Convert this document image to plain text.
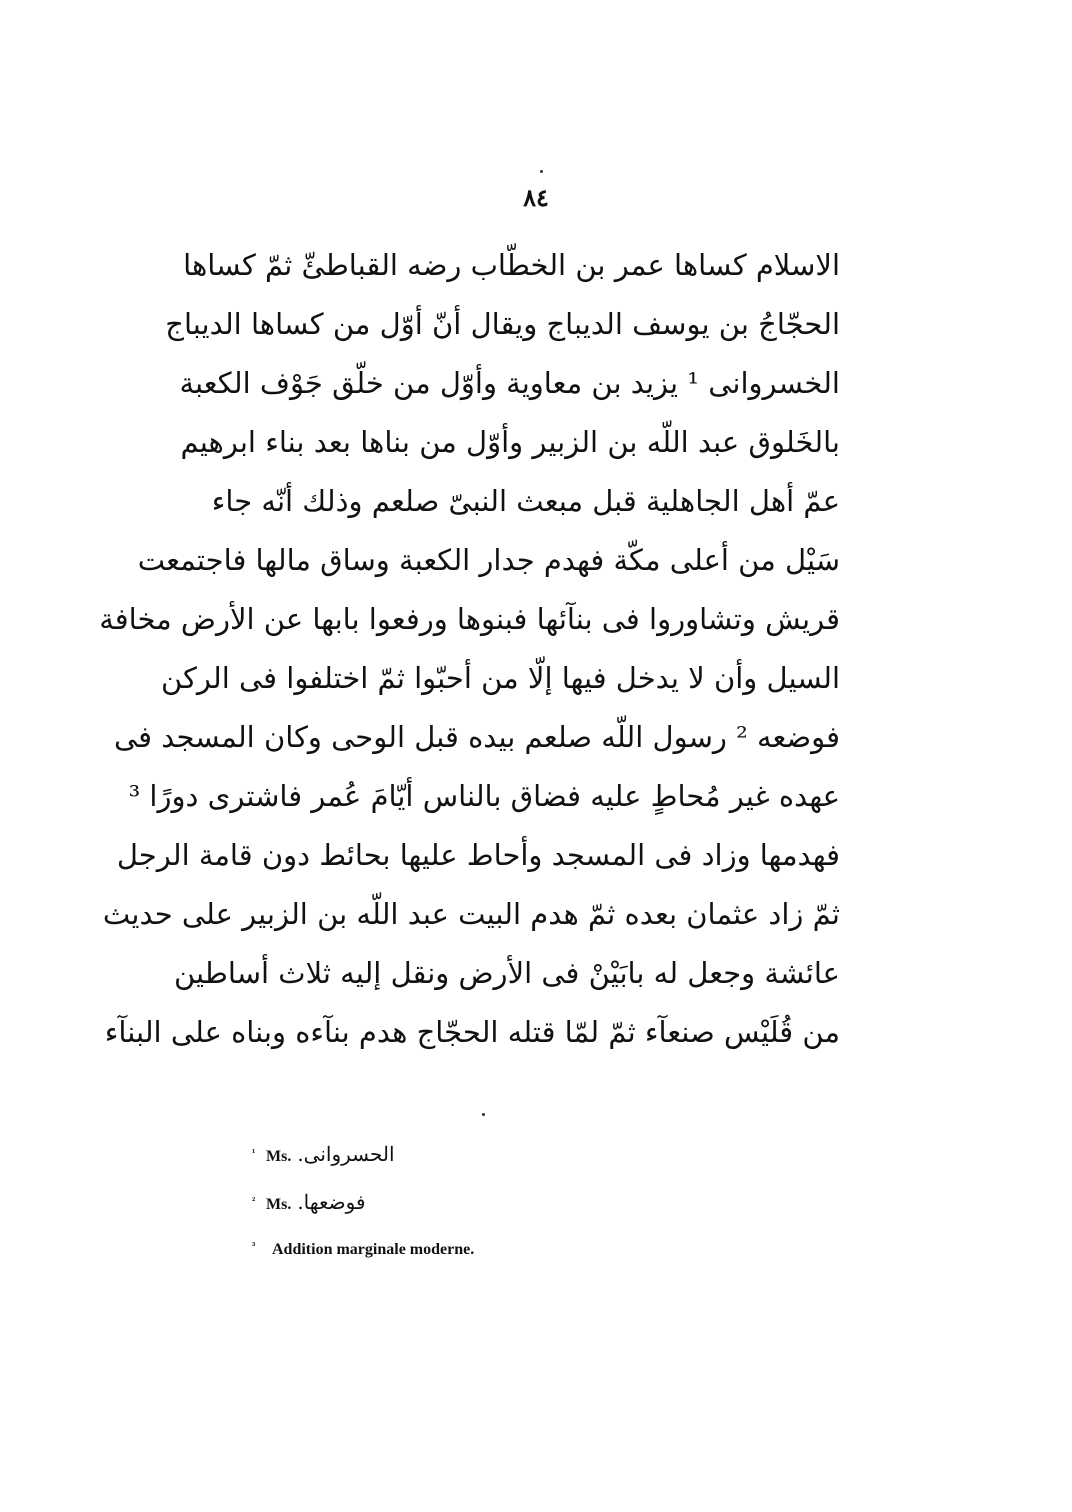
٨٤
الاسلام كساها عمر بن الخطّاب رضه القباطئّ ثمّ كساها
الحجّاجُ بن يوسف الديباج ويقال أنّ أوّل من كساها الديباج
الخسروانى ¹ يزيد بن معاوية وأوّل من خلّق جَوْف الكعبة
بالخَلوق عبد اللّه بن الزبير وأوّل من بناها بعد بناء ابرهيم
عمّ أهل الجاهلية قبل مبعث النبىّ صلعم وذلك أنّه جاء
سَيْل من أعلى مكّة فهدم جدار الكعبة وساق مالها فاجتمعت
قريش وتشاوروا فى بنآئها فبنوها ورفعوا بابها عن الأرض مخافة
السيل وأن لا يدخل فيها إلّا من أحبّوا ثمّ اختلفوا فى الركن
فوضعه ² رسول اللّه صلعم بيده قبل الوحى وكان المسجد فى
عهده غير مُحاطٍ عليه فضاق بالناس أيّامَ عُمر فاشترى دورًا ³
فهدمها وزاد فى المسجد وأحاط عليها بحائط دون قامة الرجل
ثمّ زاد عثمان بعده ثمّ هدم البيت عبد اللّه بن الزبير على حديث
عائشة وجعل له بابَيْنْ فى الأرض ونقل إليه ثلاث أساطين
من قُلَيْس صنعآء ثمّ لمّا قتله الحجّاج هدم بنآءه وبناه على البنآء
¹ Ms. الحسروانى.
² Ms. فوضعها.
³ Addition marginale moderne.
